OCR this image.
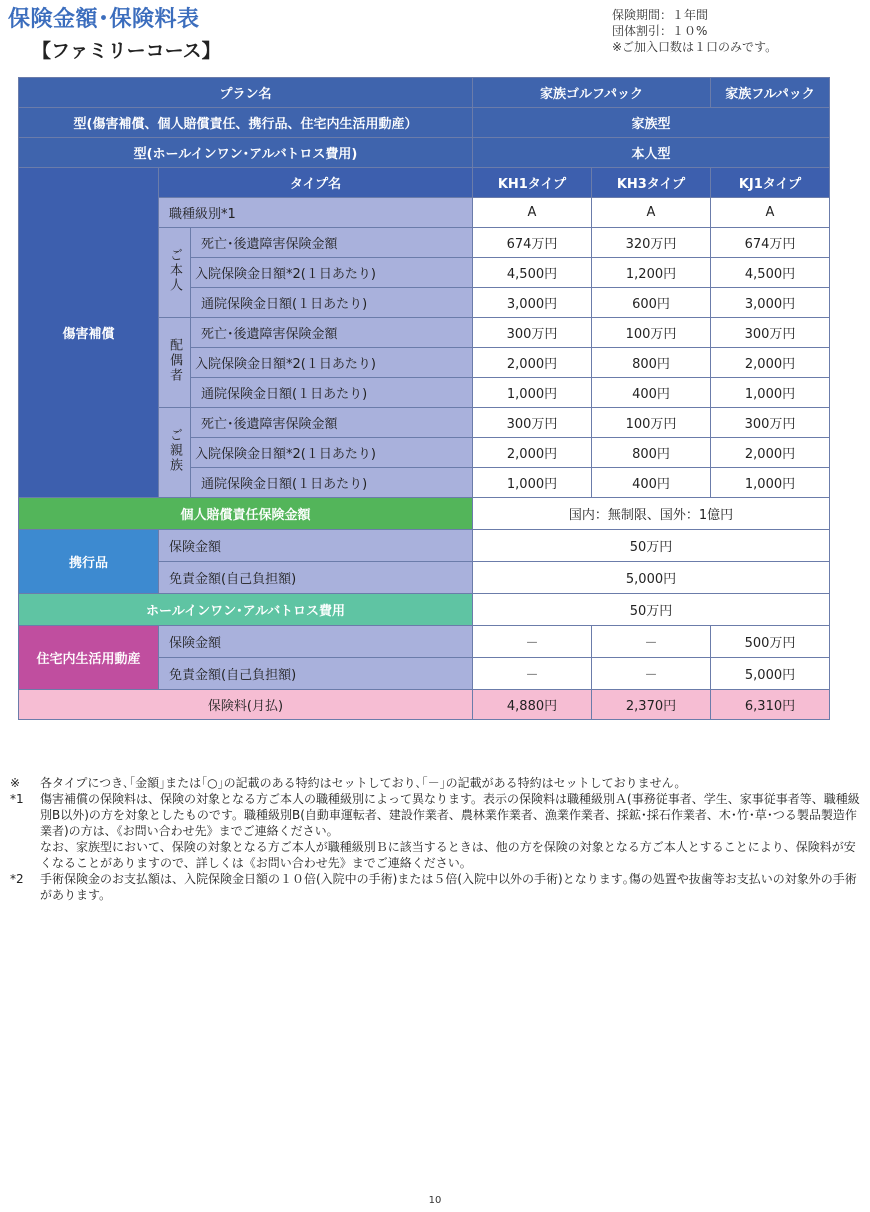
保険金額･保険料表
【ファミリーコース】
保険期間：１年間
団体割引：１０%
※ご加入口数は１口のみです。
プラン名			家族ゴルフパック		家族フルパック
型(傷害補償、個人賠償責任、携行品、住宅内生活用動産）			家族型		
型(ホールインワン･アルバトロス費用)			本人型		
傷害補償	タイプ名		KH1タイプ	KH3タイプ	KJ1タイプ
	職種級別*1		A	A	A
	ご本人	死亡･後遺障害保険金額	674万円	320万円	674万円
		入院保険金日額*2(１日あたり)	4,500円	1,200円	4,500円
		通院保険金日額(１日あたり)	3,000円	600円	3,000円
	配偶者	死亡･後遺障害保険金額	300万円	100万円	300万円
		入院保険金日額*2(１日あたり)	2,000円	800円	2,000円
		通院保険金日額(１日あたり)	1,000円	400円	1,000円
	ご親族	死亡･後遺障害保険金額	300万円	100万円	300万円
		入院保険金日額*2(１日あたり)	2,000円	800円	2,000円
		通院保険金日額(１日あたり)	1,000円	400円	1,000円
個人賠償責任保険金額			国内：無制限、国外：1億円		
携行品	保険金額		50万円		
	免責金額(自己負担額)		5,000円		
ホールインワン･アルバトロス費用			50万円		
住宅内生活用動産	保険金額		－	－	500万円
	免責金額(自己負担額)		－	－	5,000円
保険料(月払)			4,880円	2,370円	6,310円
※	各タイプにつき､｢金額｣または｢○｣の記載のある特約はセットしており､｢－｣の記載がある特約はセットしておりません。
*1	傷害補償の保険料は、保険の対象となる方ご本人の職種級別によって異なります。表示の保険料は職種級別Ａ(事務従事者、学生、家事従事者等、職種級別B以外)の方を対象としたものです。職種級別B(自動車運転者、建設作業者、農林業作業者、漁業作業者、採鉱･採石作業者、木･竹･草･つる製品製造作業者)の方は、《お問い合わせ先》までご連絡ください。
なお、家族型において、保険の対象となる方ご本人が職種級別Ｂに該当するときは、他の方を保険の対象となる方ご本人とすることにより、保険料が安くなることがありますので、詳しくは《お問い合わせ先》までご連絡ください。
*2	手術保険金のお支払額は、入院保険金日額の１０倍(入院中の手術)または５倍(入院中以外の手術)となります｡傷の処置や抜歯等お支払いの対象外の手術があります。
10
